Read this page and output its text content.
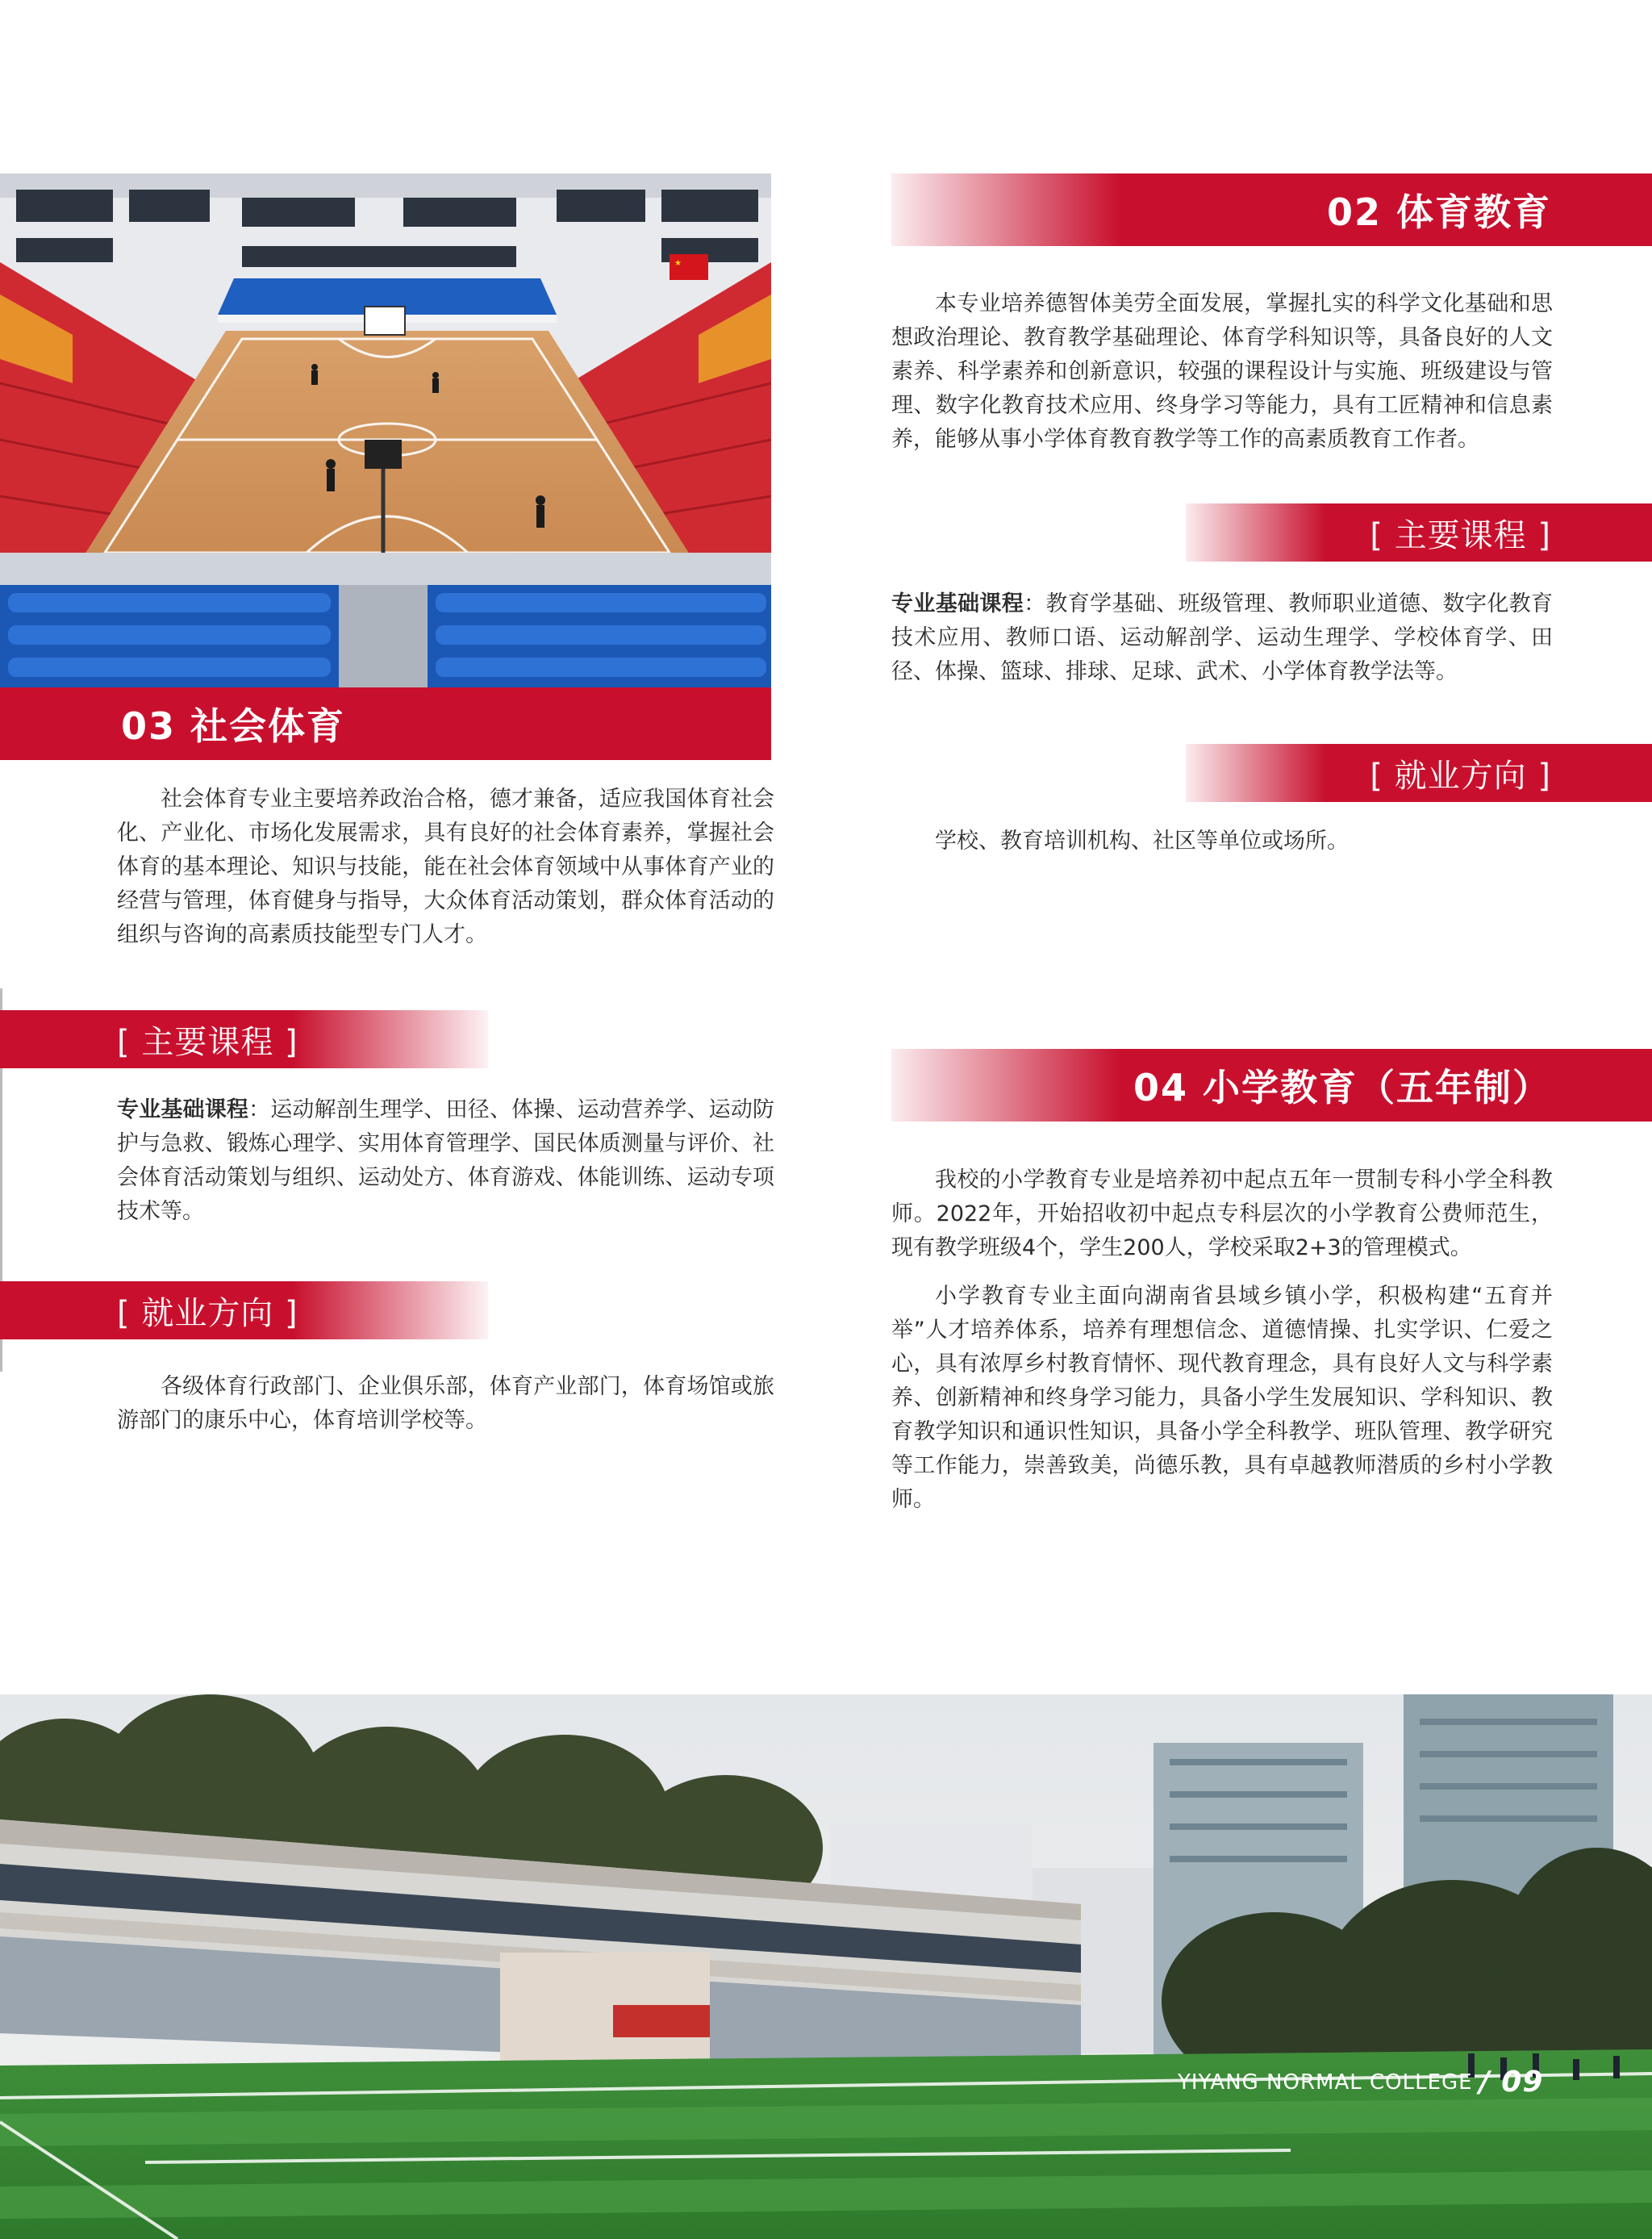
★
03 社会体育

社会体育专业主要培养政治合格，德才兼备，适应我国体育社会化、产业化、市场化发展需求，具有良好的社会体育素养，掌握社会体育的基本理论、知识与技能，能在社会体育领域中从事体育产业的经营与管理，体育健身与指导，大众体育活动策划，群众体育活动的组织与咨询的高素质技能型专门人才。

[ 主要课程 ]

专业基础课程：运动解剖生理学、田径、体操、运动营养学、运动防护与急救、锻炼心理学、实用体育管理学、国民体质测量与评价、社会体育活动策划与组织、运动处方、体育游戏、体能训练、运动专项技术等。

[ 就业方向 ]

各级体育行政部门、企业俱乐部，体育产业部门，体育场馆或旅游部门的康乐中心，体育培训学校等。

02 体育教育

本专业培养德智体美劳全面发展，掌握扎实的科学文化基础和思想政治理论、教育教学基础理论、体育学科知识等，具备良好的人文素养、科学素养和创新意识，较强的课程设计与实施、班级建设与管理、数字化教育技术应用、终身学习等能力，具有工匠精神和信息素养，能够从事小学体育教育教学等工作的高素质教育工作者。

[ 主要课程 ]

专业基础课程：教育学基础、班级管理、教师职业道德、数字化教育 技术应用、教师口语、运动解剖学、运动生理学、学校体育学、田径、体操、篮球、排球、足球、武术、小学体育教学法等。

[ 就业方向 ]

学校、教育培训机构、社区等单位或场所。

04 小学教育（五年制）

我校的小学教育专业是培养初中起点五年一贯制专科小学全科教师。2022年，开始招收初中起点专科层次的小学教育公费师范生，现有教学班级4个，学生200人，学校采取2+3的管理模式。

小学教育专业主面向湖南省县域乡镇小学，积极构建“五育并举”人才培养体系，培养有理想信念、道德情操、扎实学识、仁爱之心，具有浓厚乡村教育情怀、现代教育理念，具有良好人文与科学素养、创新精神和终身学习能力，具备小学生发展知识、学科知识、教育教学知识和通识性知识，具备小学全科教学、班队管理、教学研究等工作能力，崇善致美，尚德乐教，具有卓越教师潜质的乡村小学教师。

YIYANG NORMAL COLLEGE / 09
